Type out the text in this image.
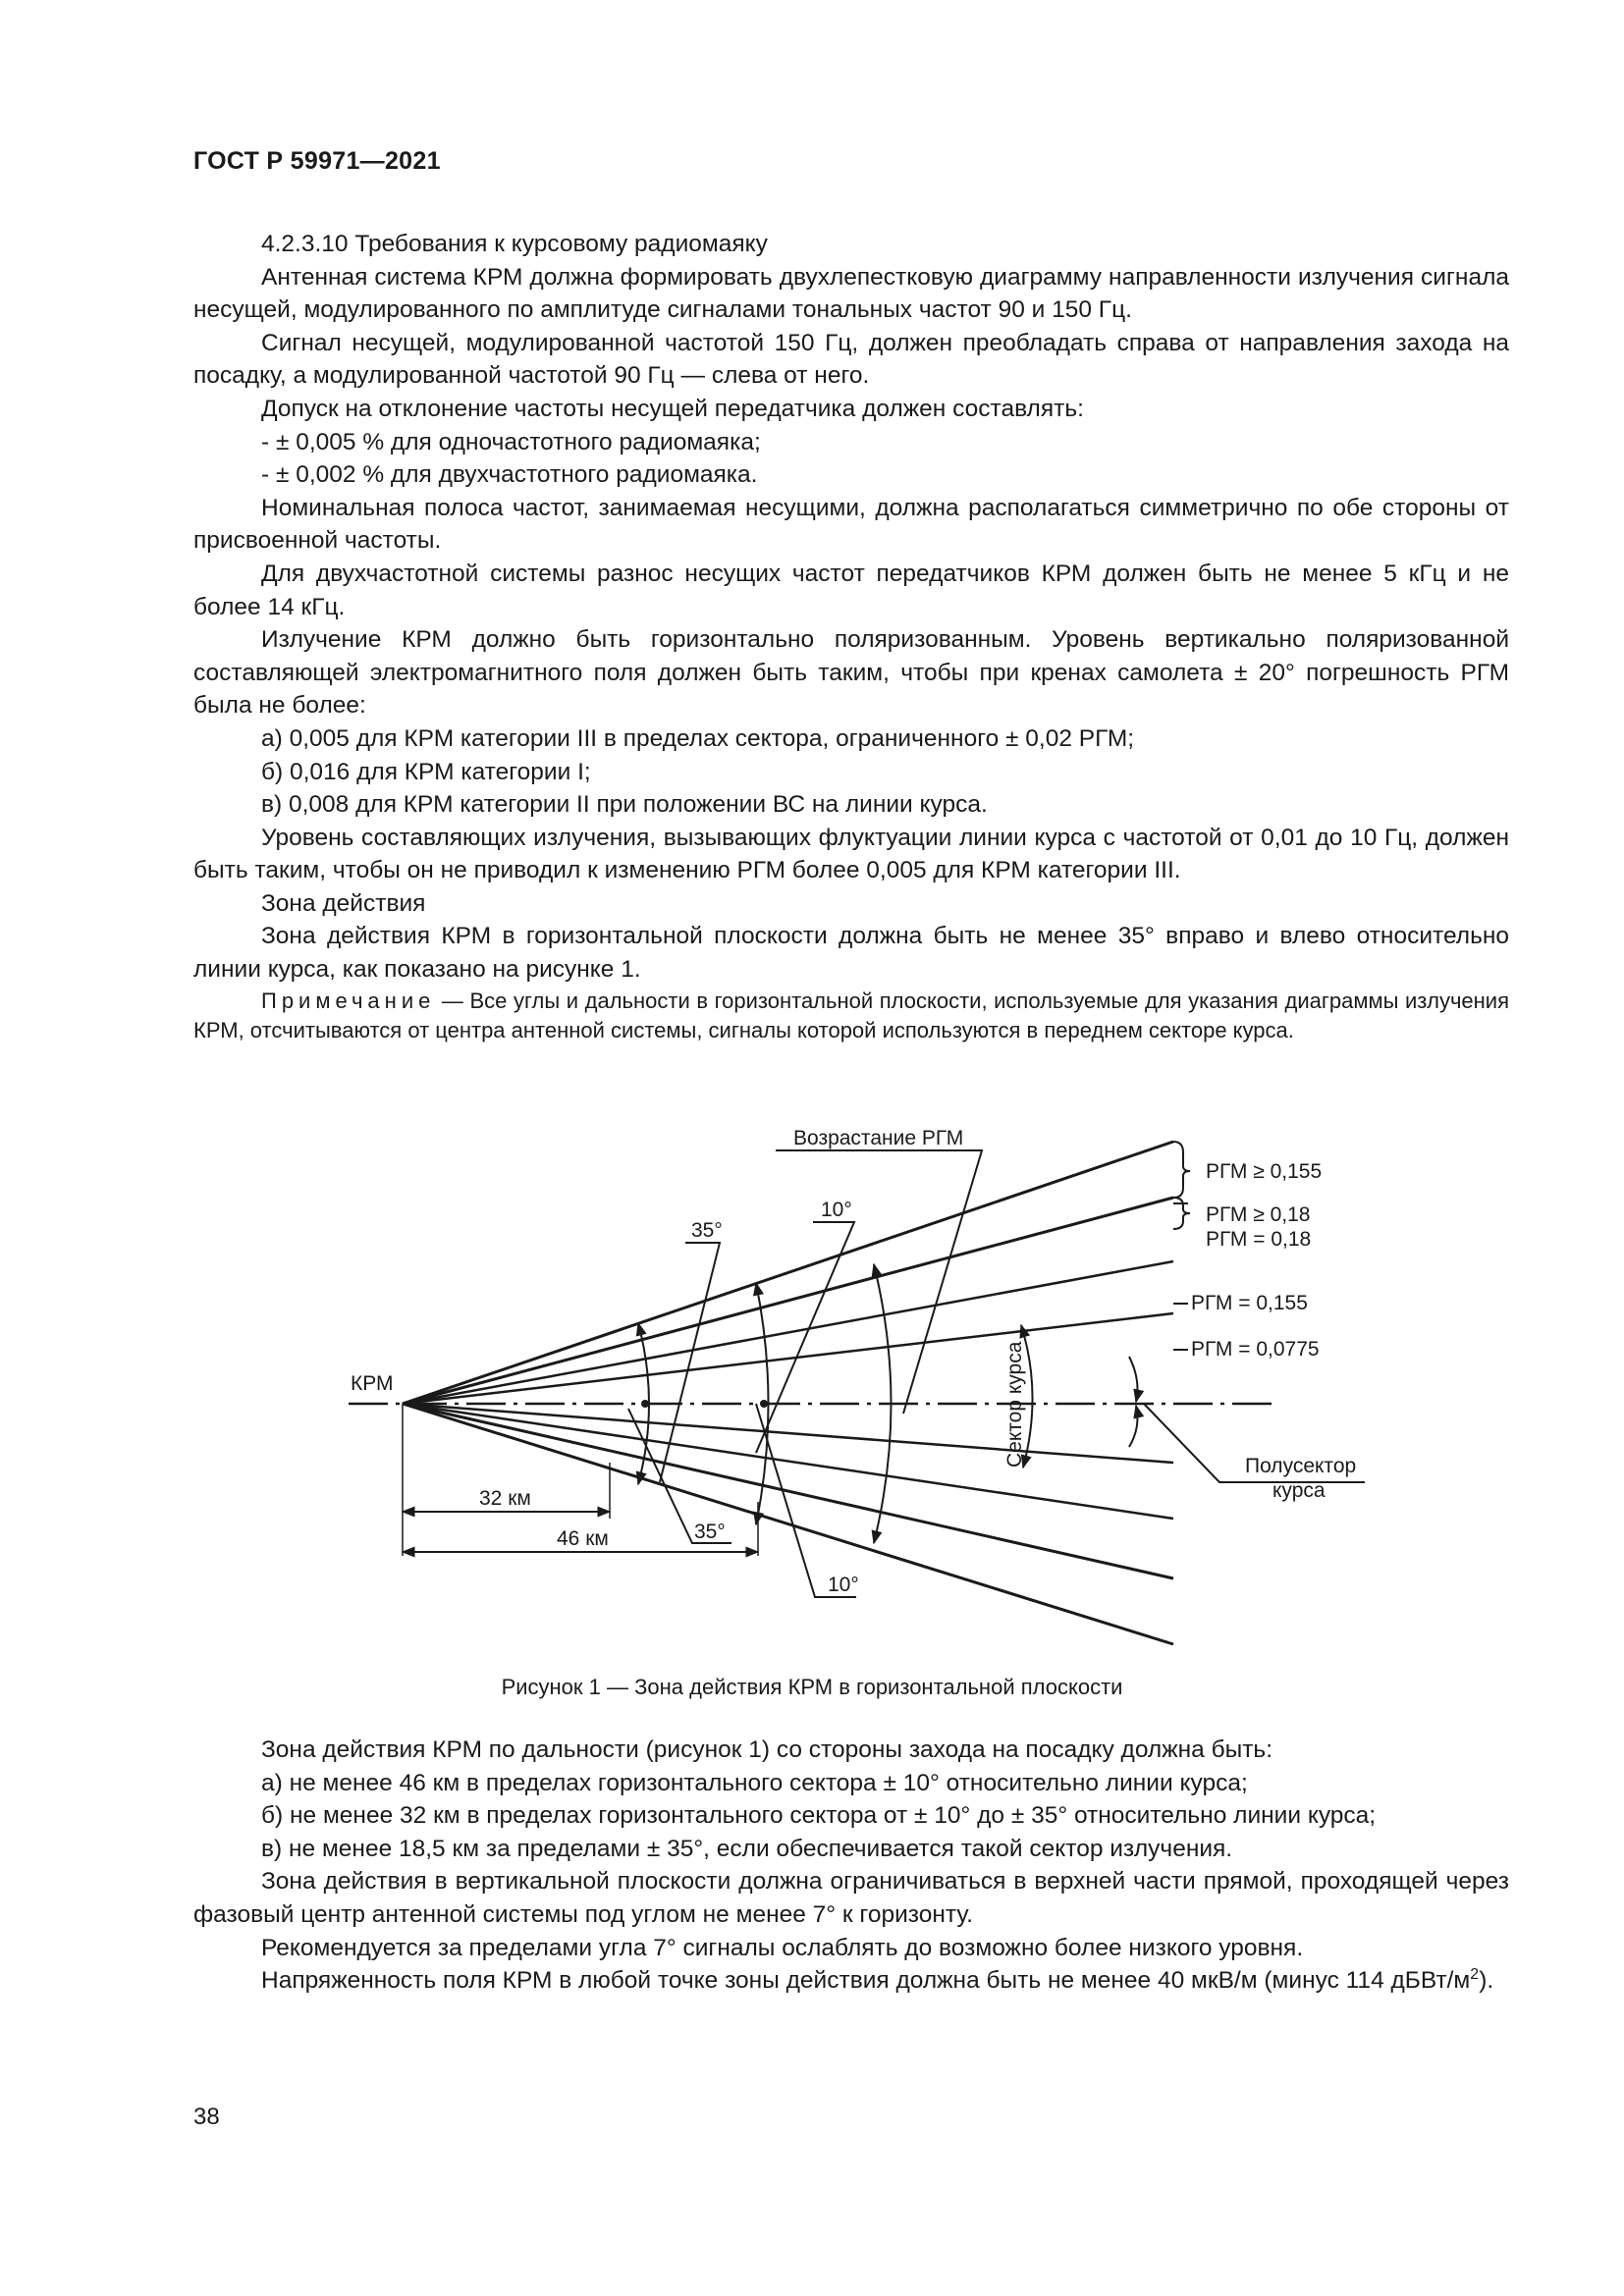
ГОСТ Р 59971—2021

4.2.3.10 Требования к курсовому радиомаяку

Антенная система КРМ должна формировать двухлепестковую диаграмму направленности излучения сигнала несущей, модулированного по амплитуде сигналами тональных частот 90 и 150 Гц.

Сигнал несущей, модулированной частотой 150 Гц, должен преобладать справа от направления захода на посадку, а модулированной частотой 90 Гц — слева от него.

Допуск на отклонение частоты несущей передатчика должен составлять:

- ± 0,005 % для одночастотного радиомаяка;

- ± 0,002 % для двухчастотного радиомаяка.

Номинальная полоса частот, занимаемая несущими, должна располагаться симметрично по обе стороны от присвоенной частоты.

Для двухчастотной системы разнос несущих частот передатчиков КРМ должен быть не менее 5 кГц и не более 14 кГц.

Излучение КРМ должно быть горизонтально поляризованным. Уровень вертикально поляризованной составляющей электромагнитного поля должен быть таким, чтобы при кренах самолета ± 20° погрешность РГМ была не более:

а) 0,005 для КРМ категории III в пределах сектора, ограниченного ± 0,02 РГМ;

б) 0,016 для КРМ категории I;

в) 0,008 для КРМ категории II при положении ВС на линии курса.

Уровень составляющих излучения, вызывающих флуктуации линии курса с частотой от 0,01 до 10 Гц, должен быть таким, чтобы он не приводил к изменению РГМ более 0,005 для КРМ категории III.

Зона действия

Зона действия КРМ в горизонтальной плоскости должна быть не менее 35° вправо и влево относительно линии курса, как показано на рисунке 1.

Примечание — Все углы и дальности в горизонтальной плоскости, используемые для указания диаграммы излучения КРМ, отсчитываются от центра антенной системы, сигналы которой используются в переднем секторе курса.

КРМ
Возрастание РГМ
РГМ ≥ 0,155
РГМ ≥ 0,18
РГМ = 0,18
РГМ = 0,155
РГМ = 0,0775
35°
10°
35°
10°
32 км
46 км
Полусектор
курса
Сектор курса
Рисунок 1 — Зона действия КРМ в горизонтальной плоскости

Зона действия КРМ по дальности (рисунок 1) со стороны захода на посадку должна быть:

а) не менее 46 км в пределах горизонтального сектора ± 10° относительно линии курса;

б) не менее 32 км в пределах горизонтального сектора от ± 10° до ± 35° относительно линии курса;

в) не менее 18,5 км за пределами ± 35°, если обеспечивается такой сектор излучения.

Зона действия в вертикальной плоскости должна ограничиваться в верхней части прямой, проходящей через фазовый центр антенной системы под углом не менее 7° к горизонту.

Рекомендуется за пределами угла 7° сигналы ослаблять до возможно более низкого уровня.

Напряженность поля КРМ в любой точке зоны действия должна быть не менее 40 мкВ/м (минус 114 дБВт/$м^2$).

38
